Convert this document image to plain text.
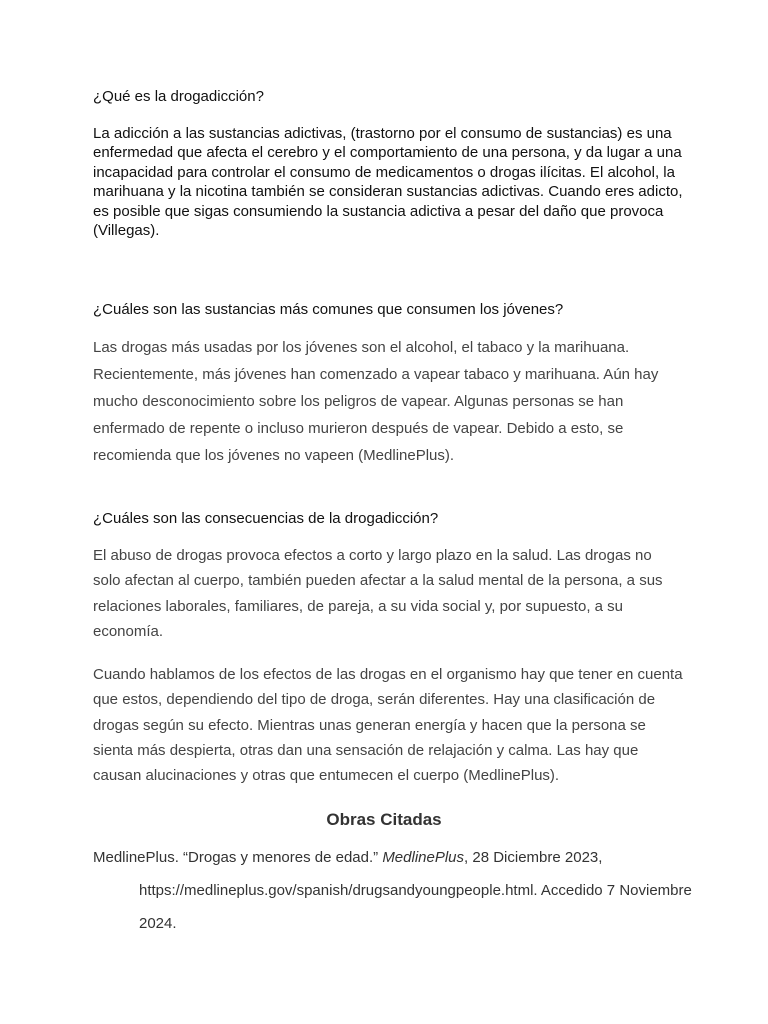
¿Qué es la drogadicción?

La adicción a las sustancias adictivas, (trastorno por el consumo de sustancias) es una enfermedad que afecta el cerebro y el comportamiento de una persona, y da lugar a una incapacidad para controlar el consumo de medicamentos o drogas ilícitas. El alcohol, la marihuana y la nicotina también se consideran sustancias adictivas. Cuando eres adicto, es posible que sigas consumiendo la sustancia adictiva a pesar del daño que provoca (Villegas).

¿Cuáles son las sustancias más comunes que consumen los jóvenes?

Las drogas más usadas por los jóvenes son el alcohol, el tabaco y la marihuana. Recientemente, más jóvenes han comenzado a vapear tabaco y marihuana. Aún hay mucho desconocimiento sobre los peligros de vapear. Algunas personas se han enfermado de repente o incluso murieron después de vapear. Debido a esto, se recomienda que los jóvenes no vapeen (MedlinePlus).

¿Cuáles son las consecuencias de la drogadicción?

El abuso de drogas provoca efectos a corto y largo plazo en la salud. Las drogas no solo afectan al cuerpo, también pueden afectar a la salud mental de la persona, a sus relaciones laborales, familiares, de pareja, a su vida social y, por supuesto, a su economía.

Cuando hablamos de los efectos de las drogas en el organismo hay que tener en cuenta que estos, dependiendo del tipo de droga, serán diferentes. Hay una clasificación de drogas según su efecto. Mientras unas generan energía y hacen que la persona se sienta más despierta, otras dan una sensación de relajación y calma. Las hay que causan alucinaciones y otras que entumecen el cuerpo (MedlinePlus).

Obras Citadas

MedlinePlus. “Drogas y menores de edad.” MedlinePlus, 28 Diciembre 2023, https://medlineplus.gov/spanish/drugsandyoungpeople.html. Accedido 7 Noviembre 2024.
